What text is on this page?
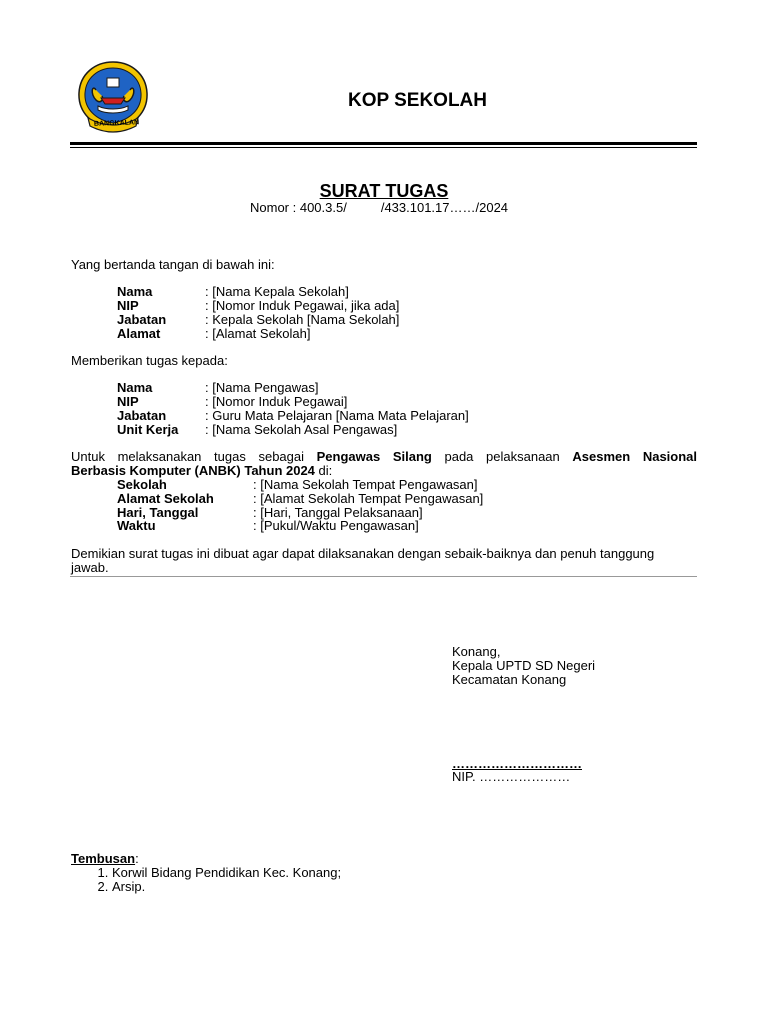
BANGKALAN
KOP SEKOLAH
SURAT TUGAS
Nomor : 400.3.5/	/433.101.17……/2024
Yang bertanda tangan di bawah ini:
Nama	: [Nama Kepala Sekolah]
NIP	: [Nomor Induk Pegawai, jika ada]
Jabatan	: Kepala Sekolah [Nama Sekolah]
Alamat	: [Alamat Sekolah]
Memberikan tugas kepada:
Nama	: [Nama Pengawas]
NIP	: [Nomor Induk Pegawai]
Jabatan	: Guru Mata Pelajaran [Nama Mata Pelajaran]
Unit Kerja : [Nama Sekolah Asal Pengawas]
Untuk melaksanakan tugas sebagai Pengawas Silang pada pelaksanaan Asesmen Nasional
Berbasis Komputer (ANBK) Tahun 2024 di:
Sekolah	: [Nama Sekolah Tempat Pengawasan]
Alamat Sekolah	: [Alamat Sekolah Tempat Pengawasan]
Hari, Tanggal	: [Hari, Tanggal Pelaksanaan]
Waktu	: [Pukul/Waktu Pengawasan]
Demikian surat tugas ini dibuat agar dapat dilaksanakan dengan sebaik-baiknya dan penuh tanggung
jawab.
Konang,
Kepala UPTD SD Negeri
Kecamatan Konang
…………………………
NIP. …………………
Tembusan:
1. Korwil Bidang Pendidikan Kec. Konang;
2. Arsip.
